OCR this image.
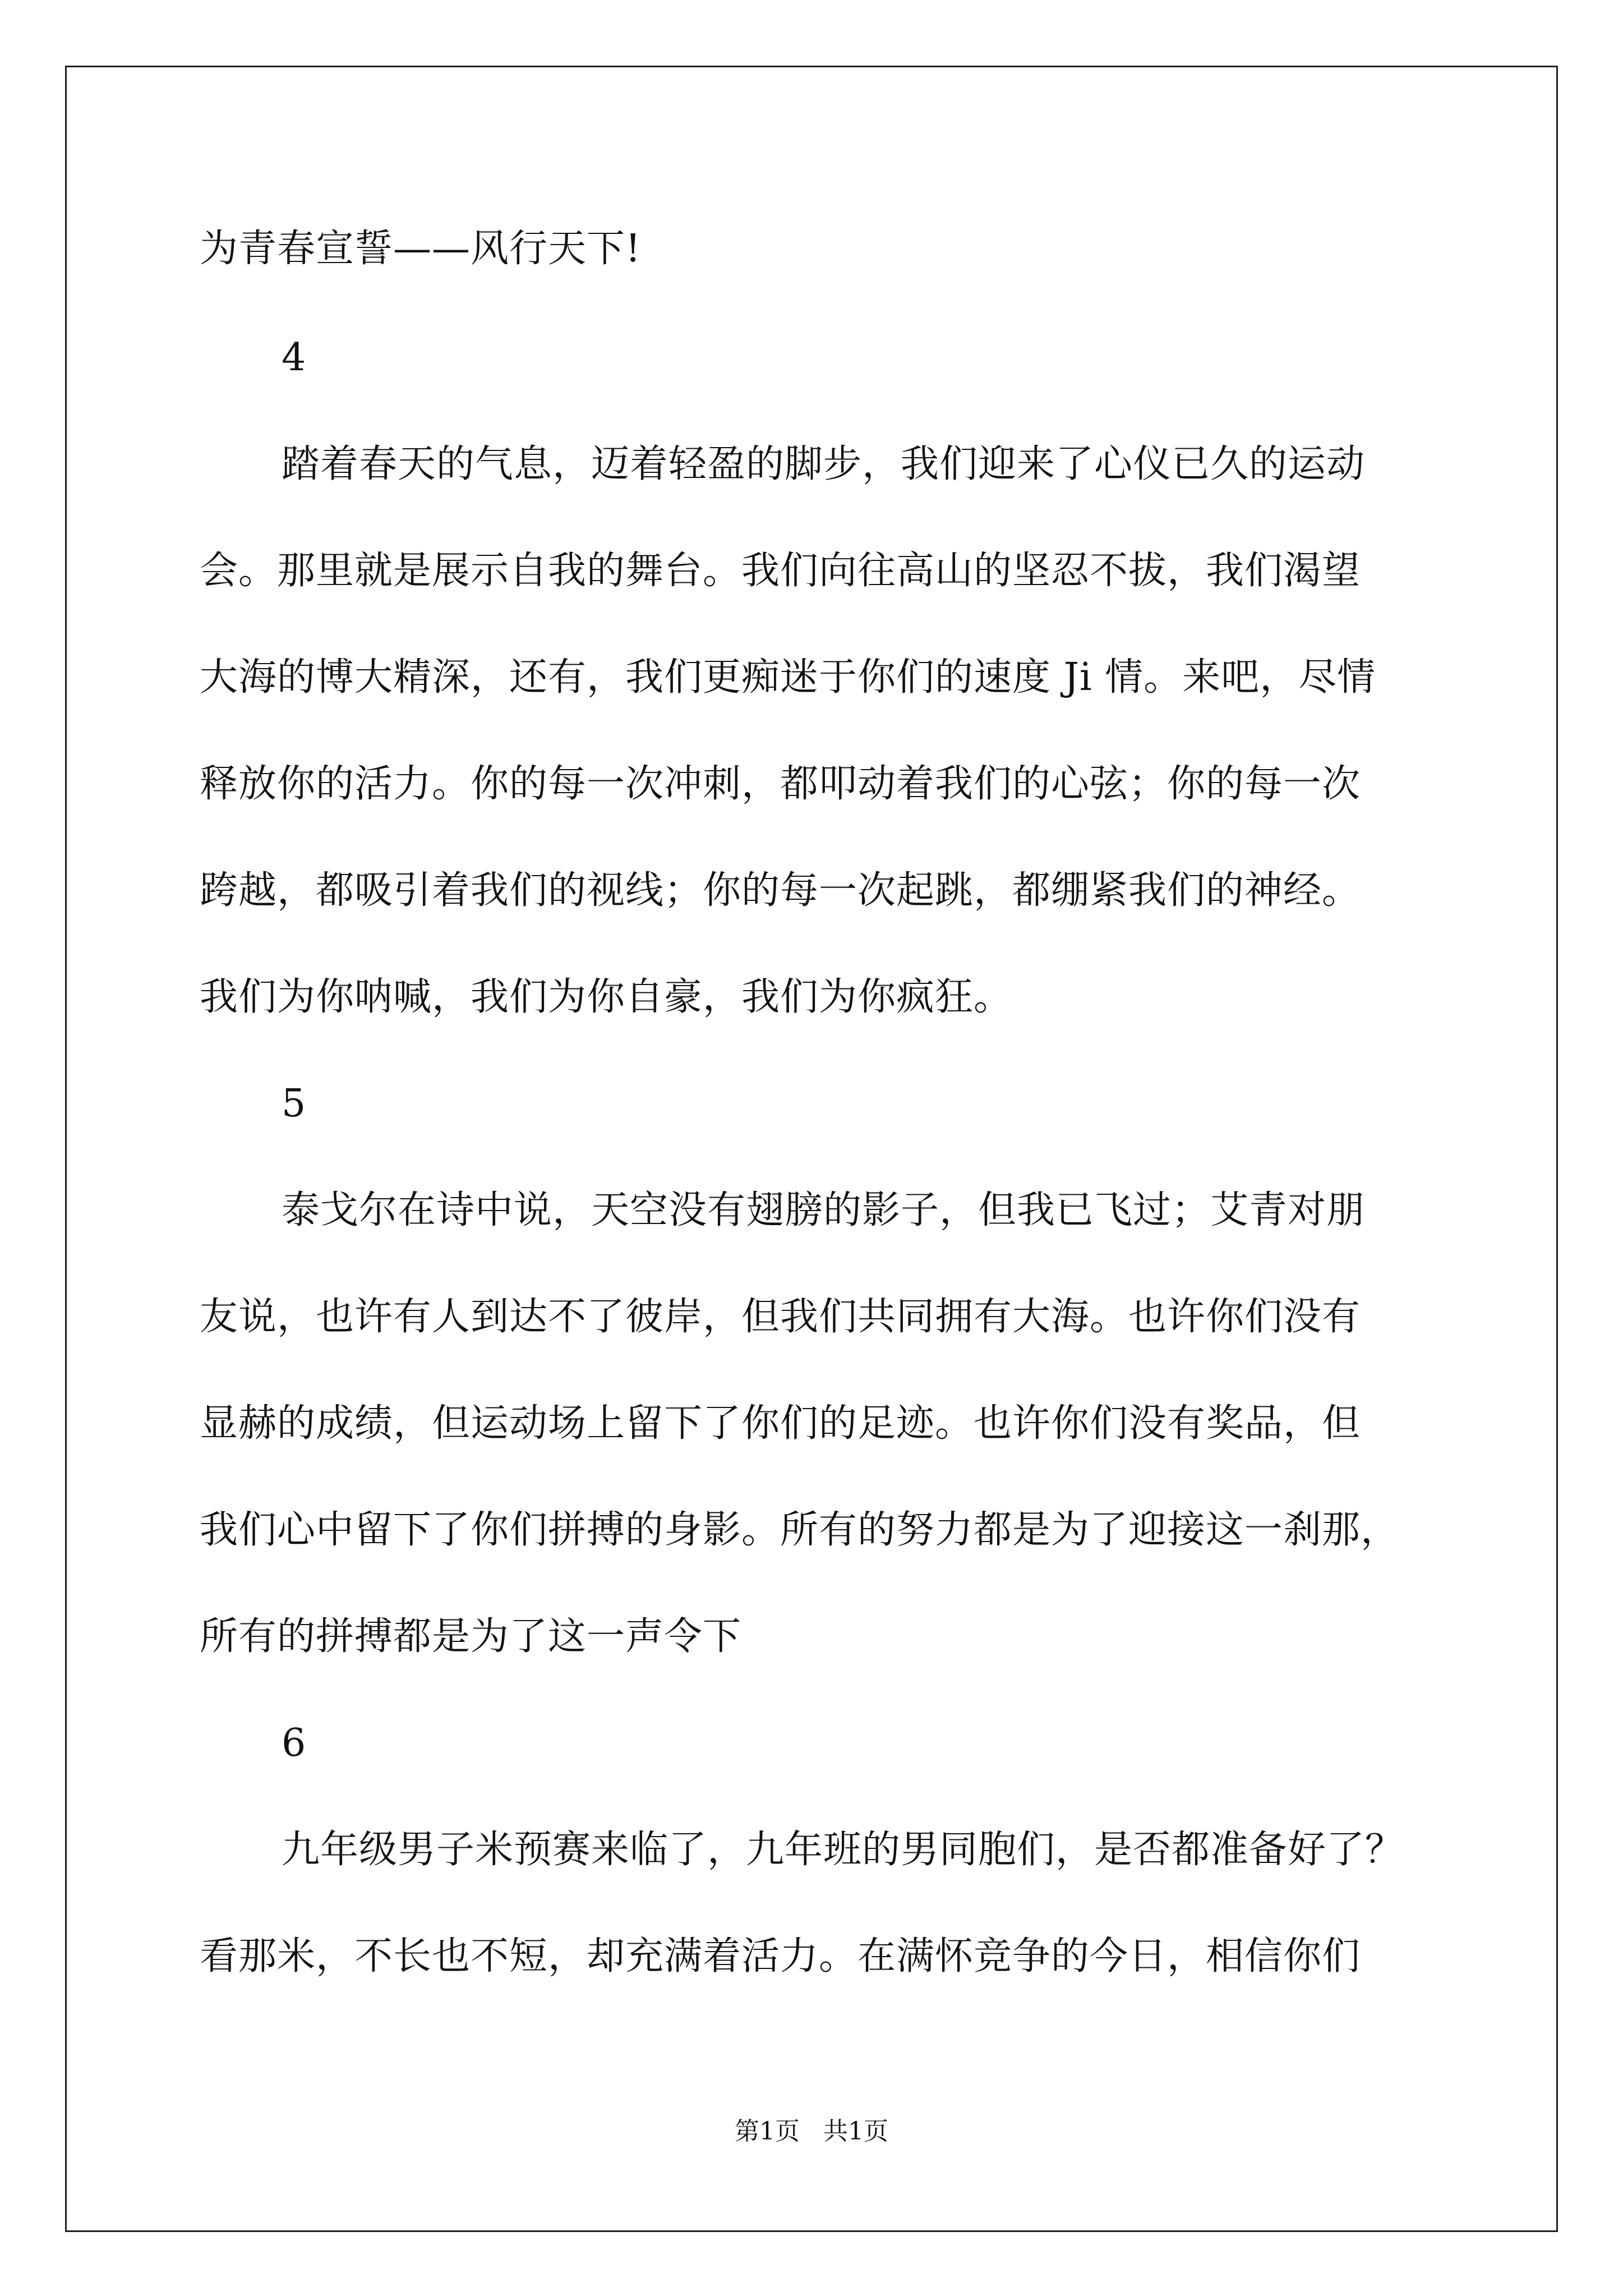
为青春宣誓——风行天下!

4

踏着春天的气息，迈着轻盈的脚步，我们迎来了心仪已久的运动

会。那里就是展示自我的舞台。我们向往高山的坚忍不拔，我们渴望

大海的博大精深，还有，我们更痴迷于你们的速度 Ji 情。来吧，尽情

释放你的活力。你的每一次冲刺，都叩动着我们的心弦；你的每一次

跨越，都吸引着我们的视线；你的每一次起跳，都绷紧我们的神经。

我们为你呐喊，我们为你自豪，我们为你疯狂。

5

泰戈尔在诗中说，天空没有翅膀的影子，但我已飞过；艾青对朋

友说，也许有人到达不了彼岸，但我们共同拥有大海。也许你们没有

显赫的成绩，但运动场上留下了你们的足迹。也许你们没有奖品，但

我们心中留下了你们拼搏的身影。所有的努力都是为了迎接这一刹那，

所有的拼搏都是为了这一声令下

6

九年级男子米预赛来临了，九年班的男同胞们，是否都准备好了？

看那米，不长也不短，却充满着活力。在满怀竞争的今日，相信你们

第1页   共1页
